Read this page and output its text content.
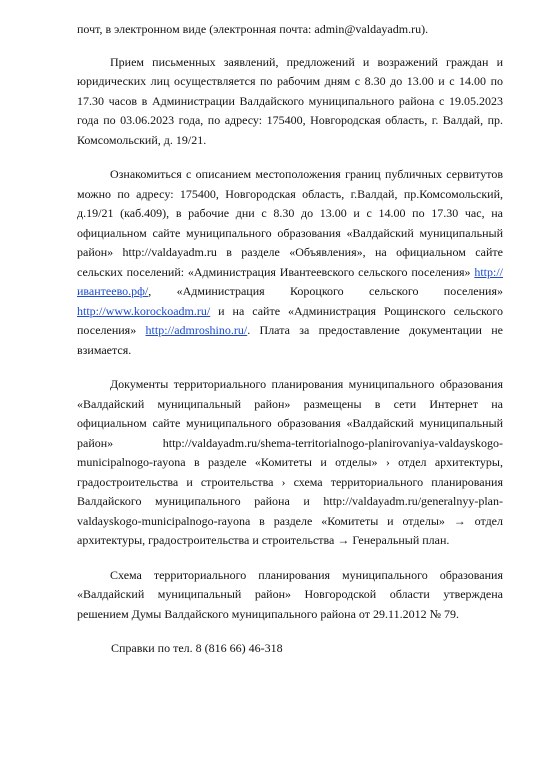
почт, в электронном виде (электронная почта: admin@valdayadm.ru).

Прием письменных заявлений, предложений и возражений граждан и юридических лиц осуществляется по рабочим дням с 8.30 до 13.00 и с 14.00 по 17.30 часов в Администрации Валдайского муниципального района с 19.05.2023 года по 03.06.2023 года, по адресу: 175400, Новгородская область, г. Валдай, пр. Комсомольский, д. 19/21.

Ознакомиться с описанием местоположения границ публичных сервитутов можно по адресу: 175400, Новгородская область, г.Валдай, пр.Комсомольский, д.19/21 (каб.409), в рабочие дни с 8.30 до 13.00 и с 14.00 по 17.30 час, на официальном сайте муниципального образования «Валдайский муниципальный район» http://valdayadm.ru в разделе «Объявления», на официальном сайте сельских поселений: «Администрация Ивантеевского сельского поселения» http://ивантеево.рф/, «Администрация Короцкого сельского поселения» http://www.korockoadm.ru/ и на сайте «Администрация Рощинского сельского поселения» http://admroshino.ru/. Плата за предоставление документации не взимается.

Документы территориального планирования муниципального образования «Валдайский муниципальный район» размещены в сети Интернет на официальном сайте муниципального образования «Валдайский муниципальный район» http://valdayadm.ru/shema-territorialnogo-planirovaniya-valdayskogo-municipalnogo-rayona в разделе «Комитеты и отделы» › отдел архитектуры, градостроительства и строительства › схема территориального планирования Валдайского муниципального района и http://valdayadm.ru/generalnyy-plan-valdayskogo-municipalnogo-rayona в разделе «Комитеты и отделы» → отдел архитектуры, градостроительства и строительства → Генеральный план.

Схема территориального планирования муниципального образования «Валдайский муниципальный район» Новгородской области утверждена решением Думы Валдайского муниципального района от 29.11.2012 № 79.

Справки по тел. 8 (816 66) 46-318
